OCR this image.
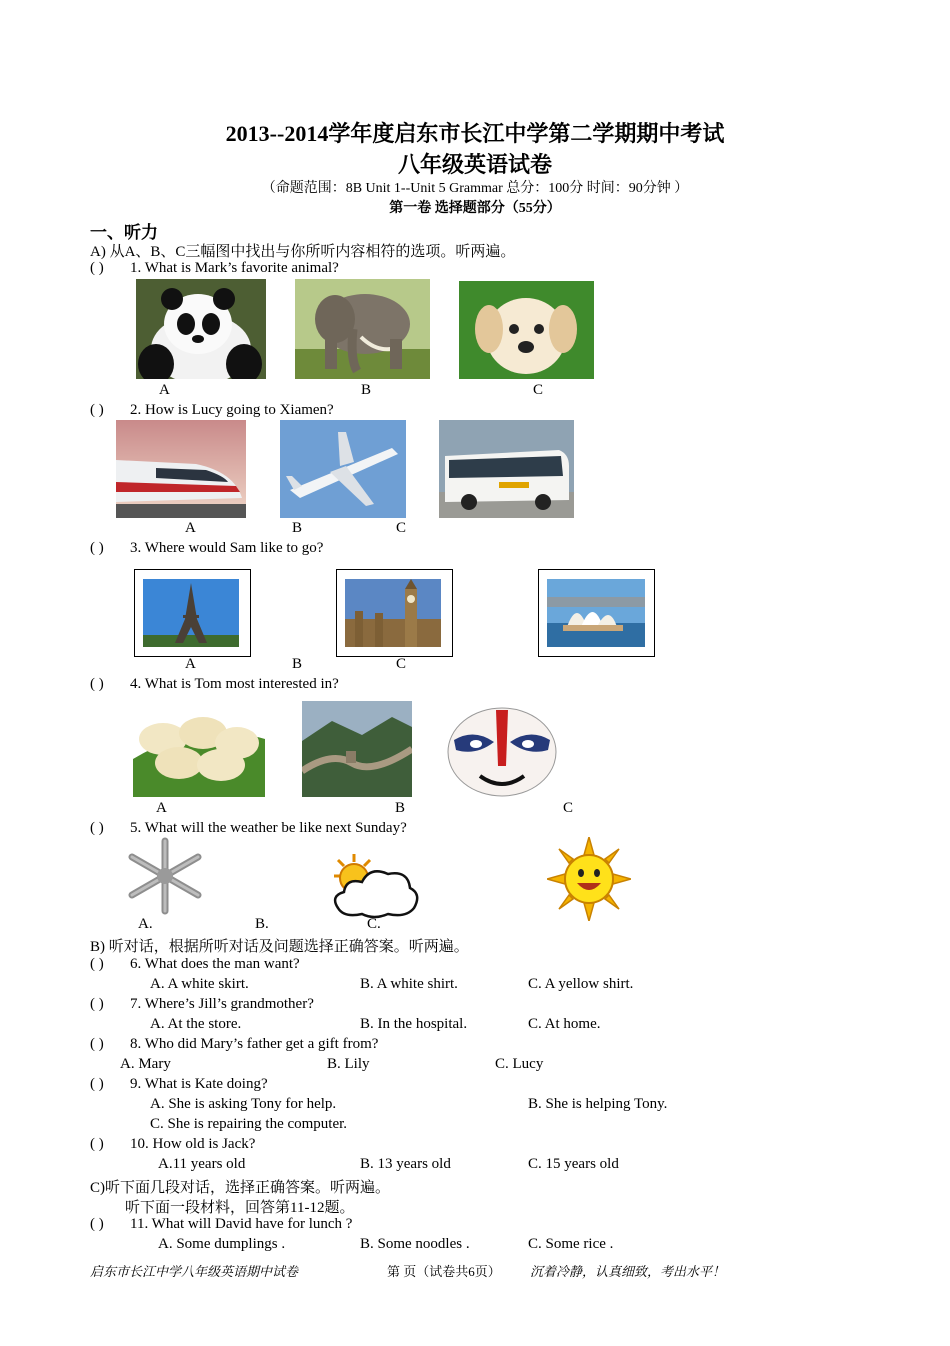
2013--2014学年度启东市长江中学第二学期期中考试
八年级英语试卷
（命题范围：8B Unit 1--Unit 5 Grammar 总分：100分 时间：90分钟 ）
第一卷 选择题部分（55分）
一、听力
A) 从A、B、C三幅图中找出与你所听内容相符的选项。听两遍。
( ) 1. What is Mark’s favorite animal?
A	B	C
( ) 2. How is Lucy going to Xiamen?
A	B	C
( ) 3. Where would Sam like to go?
A	B	C
( ) 4. What is Tom most interested in?
A	B	C
( ) 5. What will the weather be like next Sunday?
A.	B.	C.
B) 听对话，根据所听对话及问题选择正确答案。听两遍。
( ) 6. What does the man want?
A. A white skirt.	B. A white shirt.	C. A yellow shirt.
( ) 7. Where’s Jill’s grandmother?
A. At the store.	B. In the hospital.	C. At home.
( ) 8. Who did Mary’s father get a gift from?
A. Mary	B. Lily	C. Lucy
( ) 9. What is Kate doing?
A. She is asking Tony for help.	B. She is helping Tony.
C. She is repairing the computer.
( ) 10. How old is Jack?
A.11 years old	B. 13 years old	C. 15 years old
C)听下面几段对话，选择正确答案。听两遍。
听下面一段材料，回答第11-12题。
( ) 11. What will David have for lunch ?
A. Some dumplings .	B. Some noodles .	C. Some rice .
启东市长江中学八年级英语期中试卷	第 页（试卷共6页） 沉着冷静，认真细致，考出水平！
